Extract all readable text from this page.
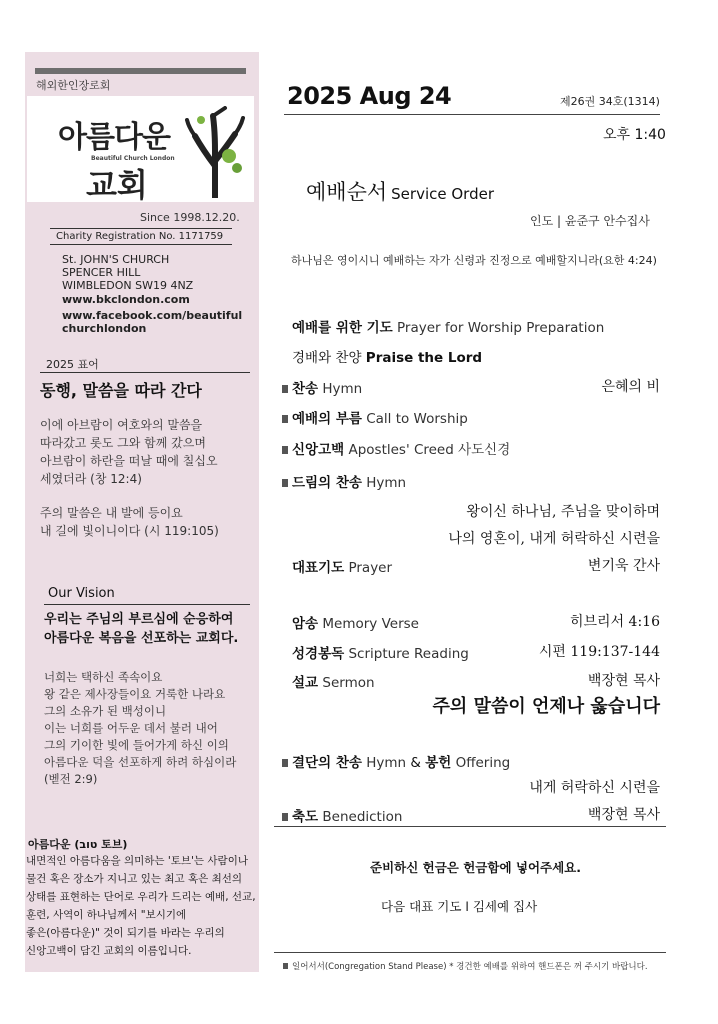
해외한인장로회
아름다운
Beautiful Church London
교회
Since 1998.12.20.
Charity Registration No. 1171759
St. JOHN'S CHURCH
SPENCER HILL
WIMBLEDON SW19 4NZ
www.bkclondon.com
www.facebook.com/beautiful
churchlondon
2025 표어
동행, 말씀을 따라 간다
이에 아브람이 여호와의 말씀을
따라갔고 롯도 그와 함께 갔으며
아브람이 하란을 떠날 때에 칠십오
세였더라 (창 12:4)
주의 말씀은 내 발에 등이요
내 길에 빛이니이다 (시 119:105)
Our Vision
우리는 주님의 부르심에 순응하여
아름다운 복음을 선포하는 교회다.
너희는 택하신 족속이요
왕 같은 제사장들이요 거룩한 나라요
그의 소유가 된 백성이니
이는 너희를 어두운 데서 불러 내어
그의 기이한 빛에 들어가게 하신 이의
아름다운 덕을 선포하게 하려 하심이라
(벧전 2:9)
아름다운 (טוב 토브)
내면적인 아름다움을 의미하는 '토브'는 사람이나
물건 혹은 장소가 지니고 있는 최고 혹은 최선의
상태를 표현하는 단어로 우리가 드리는 예배, 선교,
훈련, 사역이 하나님께서 "보시기에
좋은(아름다운)" 것이 되기를 바라는 우리의
신앙고백이 담긴 교회의 이름입니다.
2025 Aug 24	제26권 34호(1314)
오후 1:40
예배순서 Service Order
인도 | 윤준구 안수집사
하나님은 영이시니 예배하는 자가 신령과 진정으로 예배할지니라(요한 4:24)
예배를 위한 기도 Prayer for Worship Preparation
경배와 찬양 Praise the Lord
찬송 Hymn	은혜의 비
예배의 부름 Call to Worship
신앙고백 Apostles' Creed 사도신경
드림의 찬송 Hymn
왕이신 하나님, 주님을 맞이하며
나의 영혼이, 내게 허락하신 시련을
대표기도 Prayer	변기욱 간사
암송 Memory Verse	히브리서 4:16
성경봉독 Scripture Reading	시편 119:137-144
설교 Sermon	백장현 목사
주의 말씀이 언제나 옳습니다
결단의 찬송 Hymn & 봉헌 Offering
내게 허락하신 시련을
축도 Benediction	백장현 목사
준비하신 헌금은 헌금함에 넣어주세요.
다음 대표 기도 l 김세예 집사
일어서서(Congregation Stand Please) * 경건한 예배를 위하여 핸드폰은 꺼 주시기 바랍니다.
